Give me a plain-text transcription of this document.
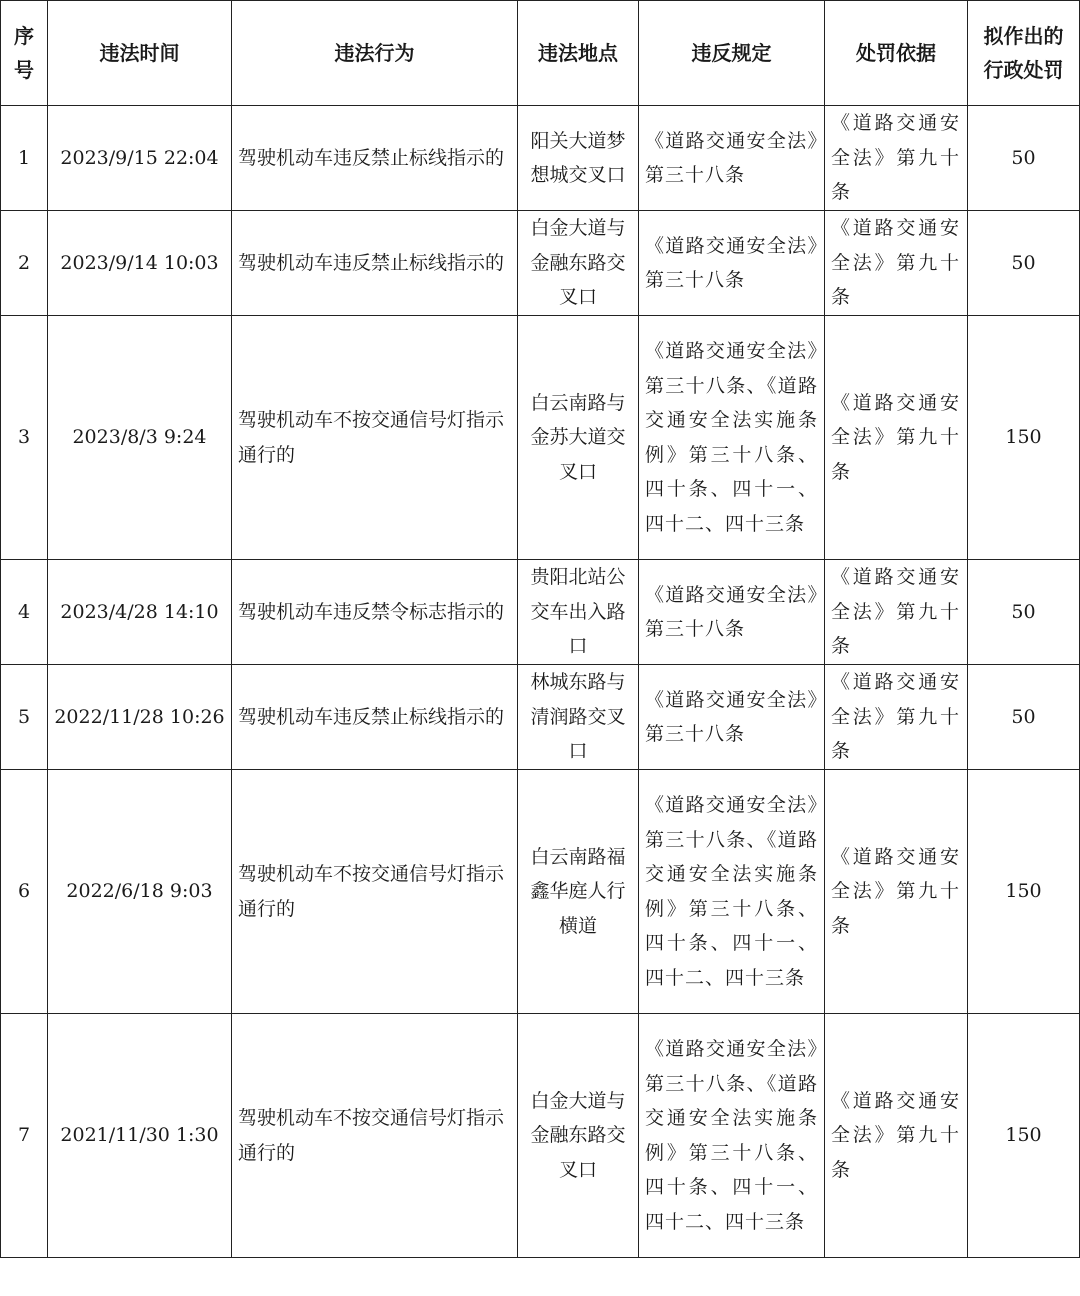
序号	违法时间	违法行为	违法地点	违反规定	处罚依据	拟作出的行政处罚
1	2023/9/15 22:04	驾驶机动车违反禁止标线指示的	阳关大道梦想城交叉口	《道路交通安全法》第三十八条	《道路交通安全法》第九十条	50
2	2023/9/14 10:03	驾驶机动车违反禁止标线指示的	白金大道与金融东路交叉口	《道路交通安全法》第三十八条	《道路交通安全法》第九十条	50
3	2023/8/3 9:24	驾驶机动车不按交通信号灯指示通行的	白云南路与金苏大道交叉口	《道路交通安全法》第三十八条、《道路交通安全法实施条例》第三十八条、四十条、四十一、四十二、四十三条	《道路交通安全法》第九十条	150
4	2023/4/28 14:10	驾驶机动车违反禁令标志指示的	贵阳北站公交车出入路口	《道路交通安全法》第三十八条	《道路交通安全法》第九十条	50
5	2022/11/28 10:26	驾驶机动车违反禁止标线指示的	林城东路与清润路交叉口	《道路交通安全法》第三十八条	《道路交通安全法》第九十条	50
6	2022/6/18 9:03	驾驶机动车不按交通信号灯指示通行的	白云南路福鑫华庭人行横道	《道路交通安全法》第三十八条、《道路交通安全法实施条例》第三十八条、四十条、四十一、四十二、四十三条	《道路交通安全法》第九十条	150
7	2021/11/30 1:30	驾驶机动车不按交通信号灯指示通行的	白金大道与金融东路交叉口	《道路交通安全法》第三十八条、《道路交通安全法实施条例》第三十八条、四十条、四十一、四十二、四十三条	《道路交通安全法》第九十条	150
